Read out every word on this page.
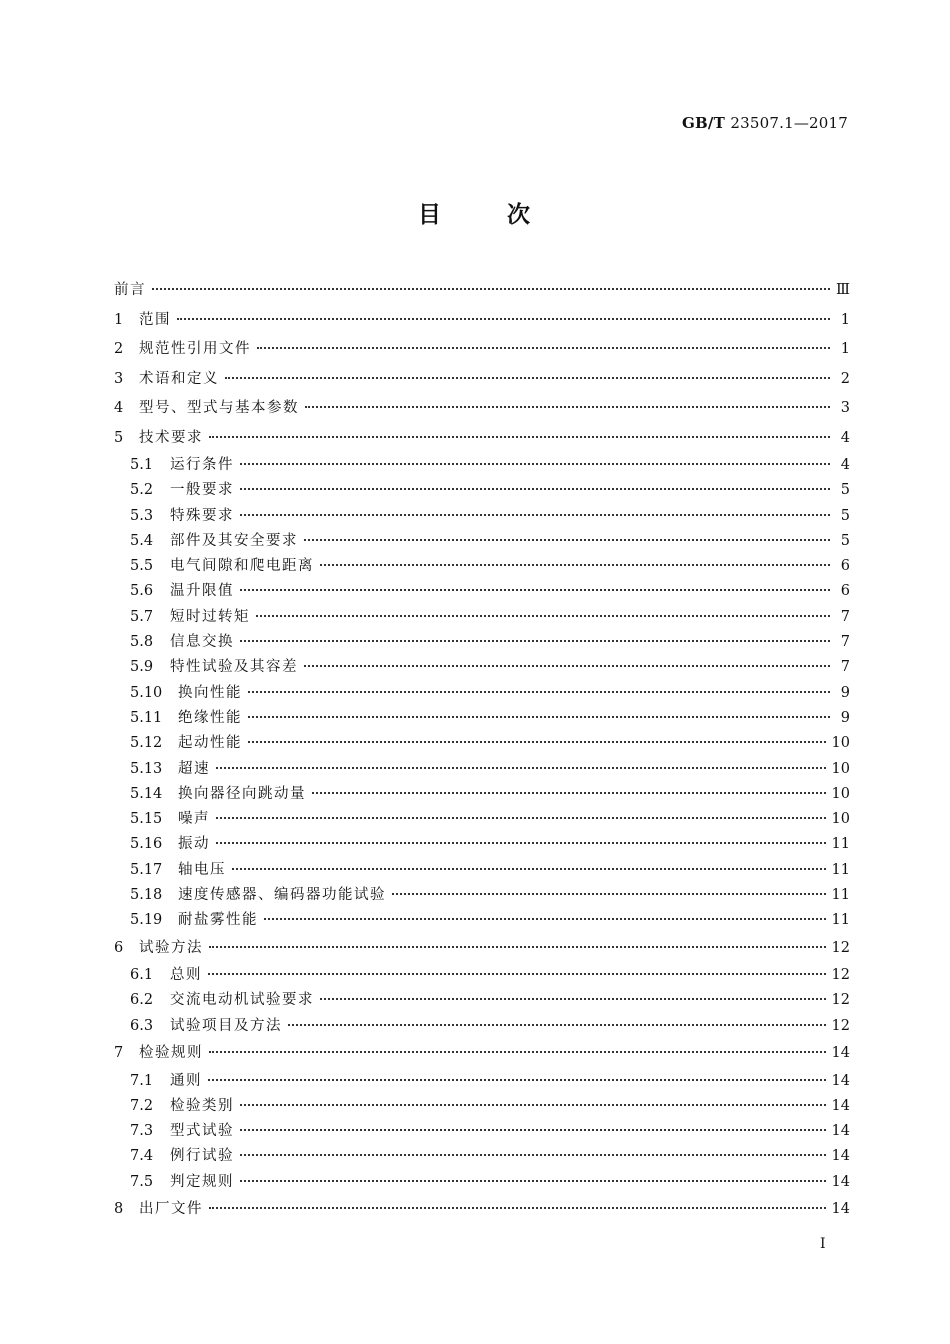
GB/T 23507.1—2017
目	次
前言	Ⅲ
1	范围	1
2	规范性引用文件	1
3	术语和定义	2
4	型号、型式与基本参数	3
5	技术要求	4
5.1	运行条件	4
5.2	一般要求	5
5.3	特殊要求	5
5.4	部件及其安全要求	5
5.5	电气间隙和爬电距离	6
5.6	温升限值	6
5.7	短时过转矩	7
5.8	信息交换	7
5.9	特性试验及其容差	7
5.10	换向性能	9
5.11	绝缘性能	9
5.12	起动性能	10
5.13	超速	10
5.14	换向器径向跳动量	10
5.15	噪声	10
5.16	振动	11
5.17	轴电压	11
5.18	速度传感器、编码器功能试验	11
5.19	耐盐雾性能	11
6	试验方法	12
6.1	总则	12
6.2	交流电动机试验要求	12
6.3	试验项目及方法	12
7	检验规则	14
7.1	通则	14
7.2	检验类别	14
7.3	型式试验	14
7.4	例行试验	14
7.5	判定规则	14
8	出厂文件	14
I
